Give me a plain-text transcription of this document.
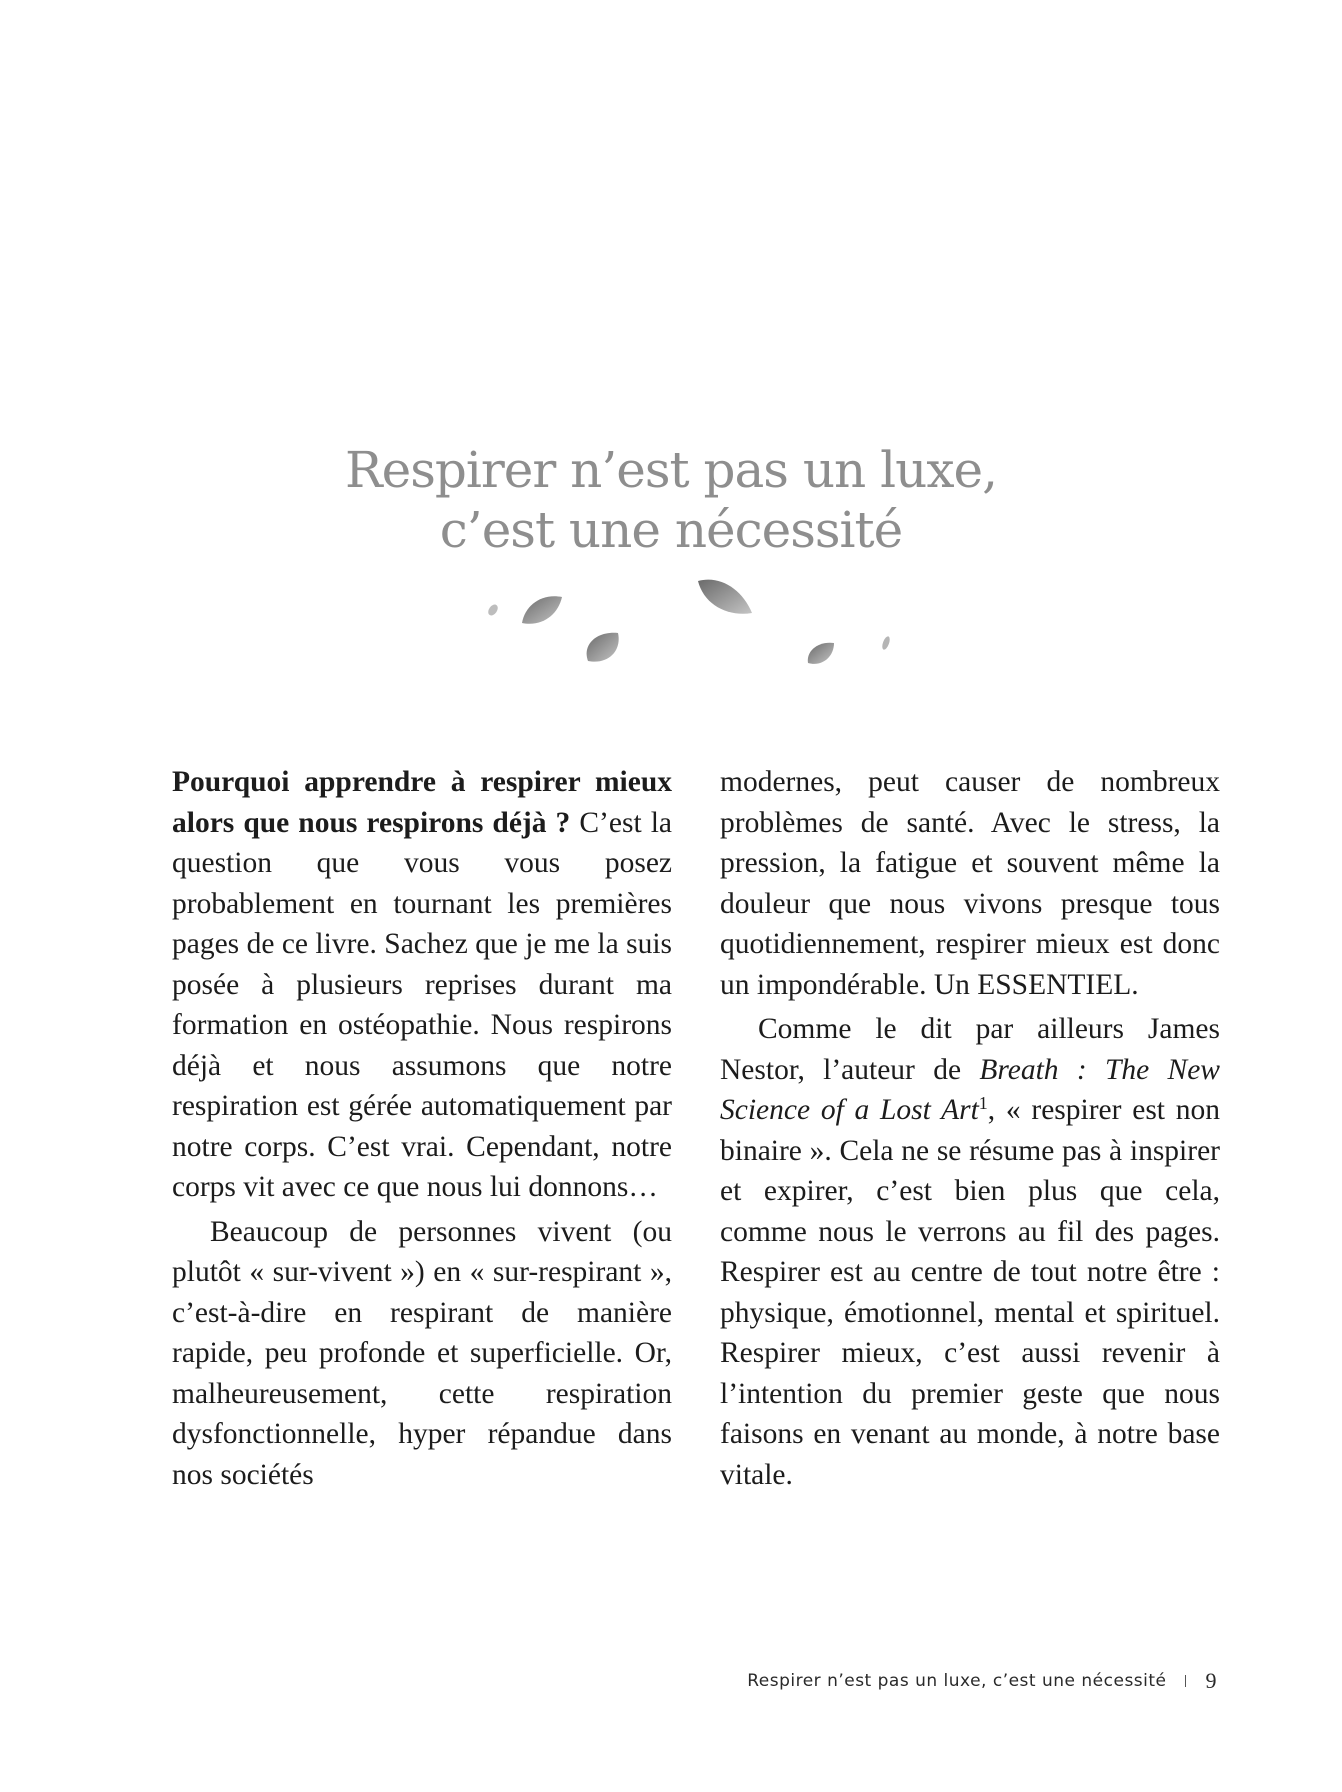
Respirer n’est pas un luxe,
c’est une nécessité

Pourquoi apprendre à respirer mieux alors que nous respirons déjà ? C’est la question que vous vous posez probablement en tournant les premières pages de ce livre. Sachez que je me la suis posée à plusieurs reprises durant ma formation en ostéopathie. Nous respirons déjà et nous assumons que notre respiration est gérée automatiquement par notre corps. C’est vrai. Cependant, notre corps vit avec ce que nous lui donnons…

Beaucoup de personnes vivent (ou plutôt « sur-vivent ») en « sur-respirant », c’est-à-dire en respirant de manière rapide, peu profonde et superficielle. Or, malheureusement, cette respiration dysfonctionnelle, hyper répandue dans nos sociétés

modernes, peut causer de nombreux problèmes de santé. Avec le stress, la pression, la fatigue et souvent même la douleur que nous vivons presque tous quotidiennement, respirer mieux est donc un impondérable. Un ESSENTIEL.

Comme le dit par ailleurs James Nestor, l’auteur de Breath : The New Science of a Lost Art$^1$, « respirer est non binaire ». Cela ne se résume pas à inspirer et expirer, c’est bien plus que cela, comme nous le verrons au fil des pages. Respirer est au centre de tout notre être : physique, émotionnel, mental et spirituel. Respirer mieux, c’est aussi revenir à l’intention du premier geste que nous faisons en venant au monde, à notre base vitale.

Respirer n’est pas un luxe, c’est une nécessité 9
